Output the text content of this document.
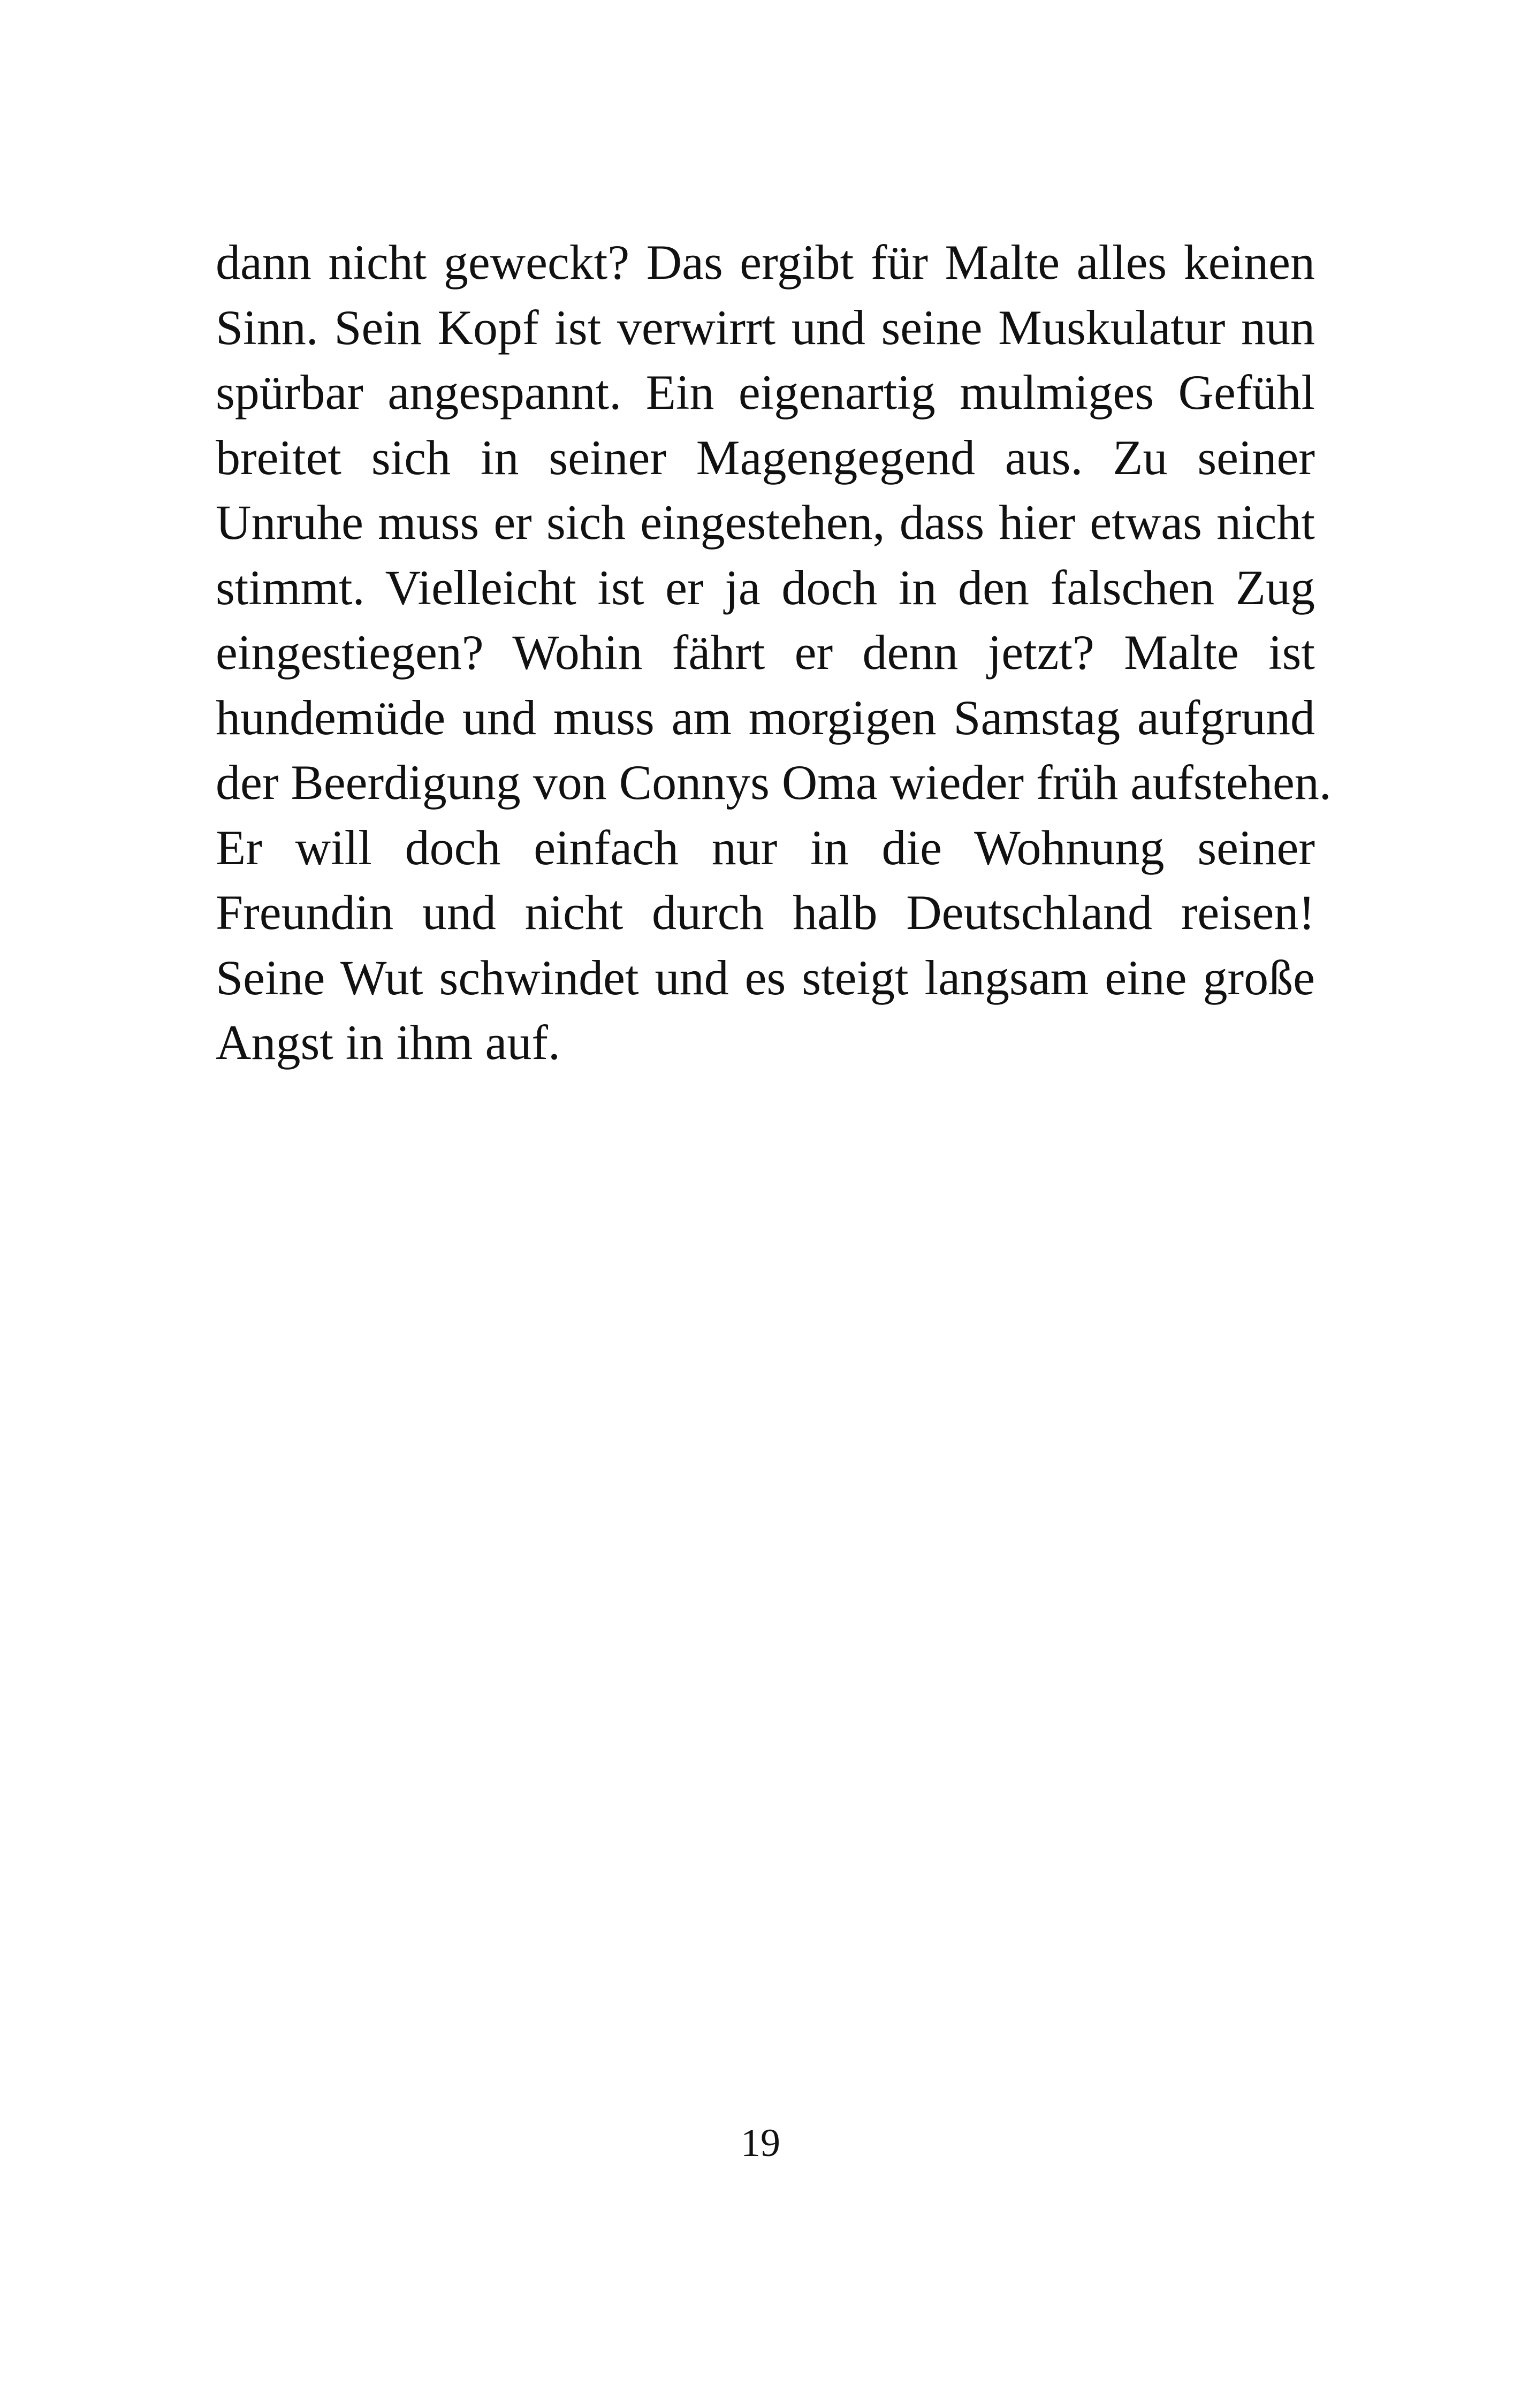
dann nicht geweckt? Das ergibt für Malte alles keinen
Sinn. Sein Kopf ist verwirrt und seine Muskulatur nun
spürbar angespannt. Ein eigenartig mulmiges Gefühl
breitet sich in seiner Magengegend aus. Zu seiner
Unruhe muss er sich eingestehen, dass hier etwas nicht
stimmt. Vielleicht ist er ja doch in den falschen Zug
eingestiegen? Wohin fährt er denn jetzt? Malte ist
hundemüde und muss am morgigen Samstag aufgrund
der Beerdigung von Connys Oma wieder früh aufstehen.
Er will doch einfach nur in die Wohnung seiner
Freundin und nicht durch halb Deutschland reisen!
Seine Wut schwindet und es steigt langsam eine große
Angst in ihm auf.
19
